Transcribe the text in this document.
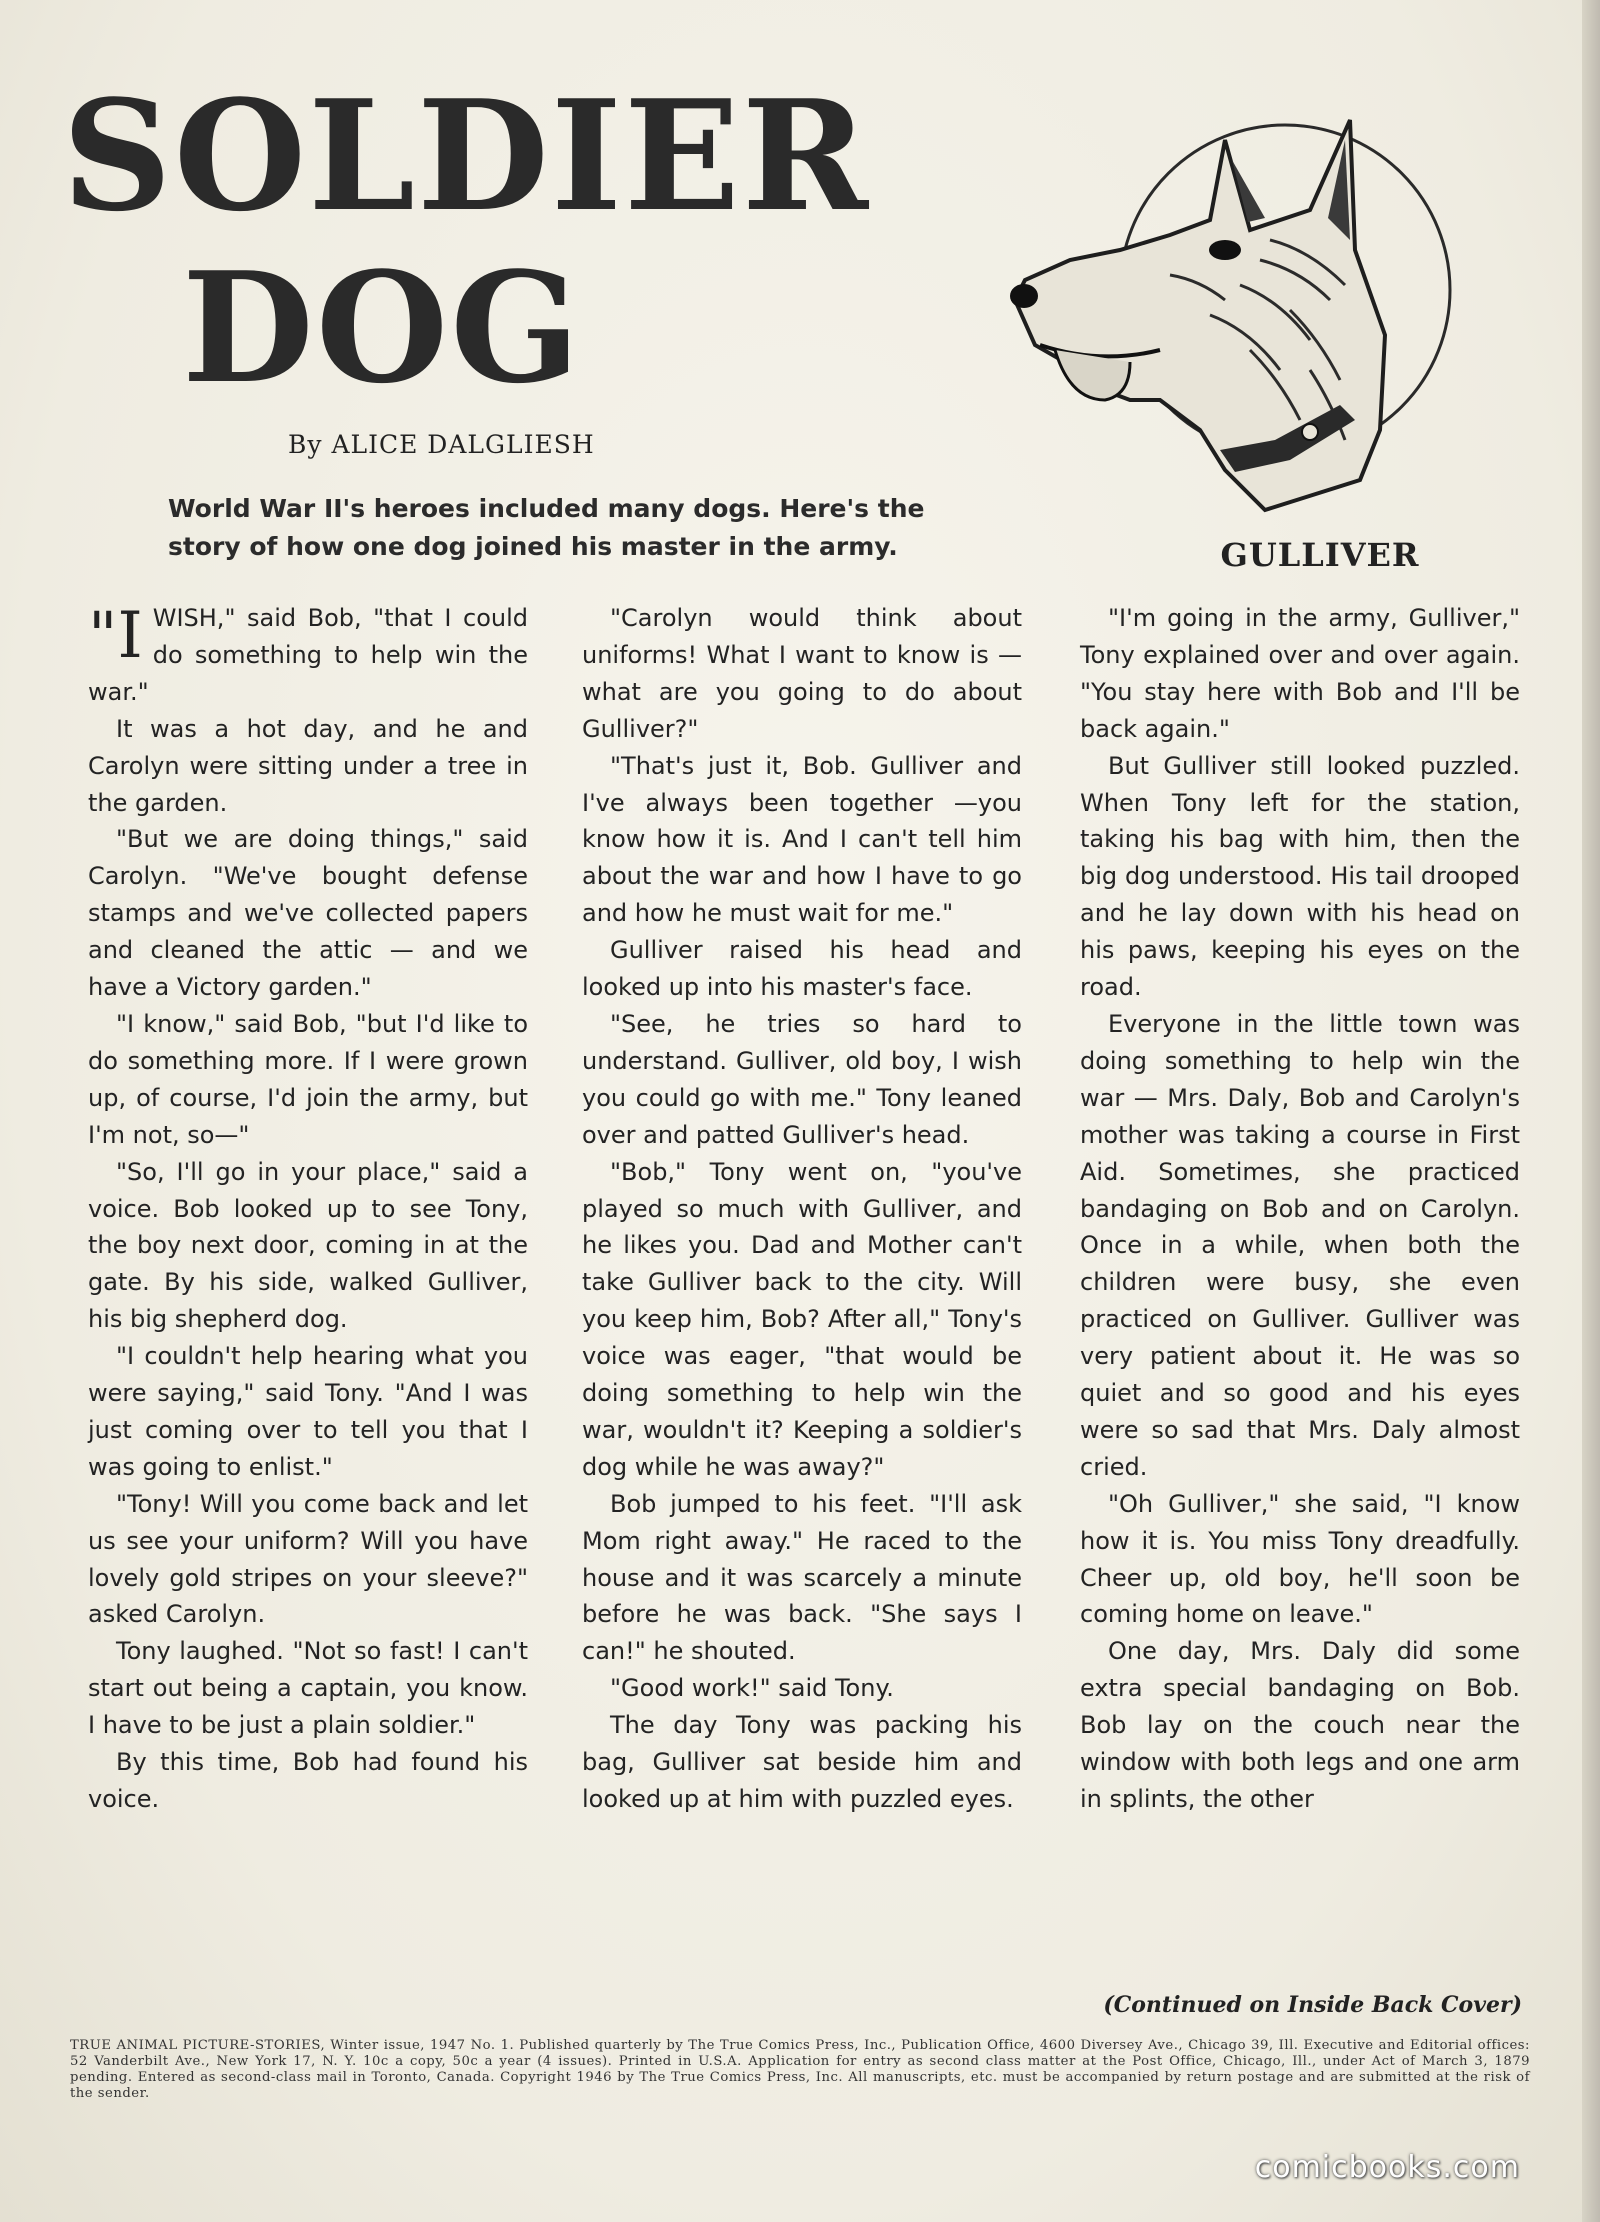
SOLDIER
DOG
By ALICE DALGLIESH
World War II's heroes included many dogs. Here's the story of how one dog joined his master in the army.	GULLIVER

"I WISH," said Bob, "that I could do something to help win the war."

It was a hot day, and he and Carolyn were sitting under a tree in the garden.

"But we are doing things," said Carolyn. "We've bought defense stamps and we've collected papers and cleaned the attic — and we have a Victory garden."

"I know," said Bob, "but I'd like to do something more. If I were grown up, of course, I'd join the army, but I'm not, so—"

"So, I'll go in your place," said a voice. Bob looked up to see Tony, the boy next door, coming in at the gate. By his side, walked Gulliver, his big shepherd dog.

"I couldn't help hearing what you were saying," said Tony. "And I was just coming over to tell you that I was going to enlist."

"Tony! Will you come back and let us see your uniform? Will you have lovely gold stripes on your sleeve?" asked Carolyn.

Tony laughed. "Not so fast! I can't start out being a captain, you know. I have to be just a plain soldier."

By this time, Bob had found his voice.

"Carolyn would think about uniforms! What I want to know is — what are you going to do about Gulliver?"

"That's just it, Bob. Gulliver and I've always been together —you know how it is. And I can't tell him about the war and how I have to go and how he must wait for me."

Gulliver raised his head and looked up into his master's face.

"See, he tries so hard to understand. Gulliver, old boy, I wish you could go with me." Tony leaned over and patted Gulliver's head.

"Bob," Tony went on, "you've played so much with Gulliver, and he likes you. Dad and Mother can't take Gulliver back to the city. Will you keep him, Bob? After all," Tony's voice was eager, "that would be doing something to help win the war, wouldn't it? Keeping a soldier's dog while he was away?"

Bob jumped to his feet. "I'll ask Mom right away." He raced to the house and it was scarcely a minute before he was back. "She says I can!" he shouted.

"Good work!" said Tony.

The day Tony was packing his bag, Gulliver sat beside him and looked up at him with puzzled eyes.

"I'm going in the army, Gulliver," Tony explained over and over again. "You stay here with Bob and I'll be back again."

But Gulliver still looked puzzled. When Tony left for the station, taking his bag with him, then the big dog understood. His tail drooped and he lay down with his head on his paws, keeping his eyes on the road.

Everyone in the little town was doing something to help win the war — Mrs. Daly, Bob and Carolyn's mother was taking a course in First Aid. Sometimes, she practiced bandaging on Bob and on Carolyn. Once in a while, when both the children were busy, she even practiced on Gulliver. Gulliver was very patient about it. He was so quiet and so good and his eyes were so sad that Mrs. Daly almost cried.

"Oh Gulliver," she said, "I know how it is. You miss Tony dreadfully. Cheer up, old boy, he'll soon be coming home on leave."

One day, Mrs. Daly did some extra special bandaging on Bob. Bob lay on the couch near the window with both legs and one arm in splints, the other

(Continued on Inside Back Cover)
TRUE ANIMAL PICTURE-STORIES, Winter issue, 1947 No. 1. Published quarterly by The True Comics Press, Inc., Publication Office, 4600 Diversey Ave., Chicago 39, Ill. Executive and Editorial offices: 52 Vanderbilt Ave., New York 17, N. Y. 10c a copy, 50c a year (4 issues). Printed in U.S.A. Application for entry as second class matter at the Post Office, Chicago, Ill., under Act of March 3, 1879 pending. Entered as second-class mail in Toronto, Canada. Copyright 1946 by The True Comics Press, Inc. All manuscripts, etc. must be accompanied by return postage and are submitted at the risk of the sender.
comicbooks.com
